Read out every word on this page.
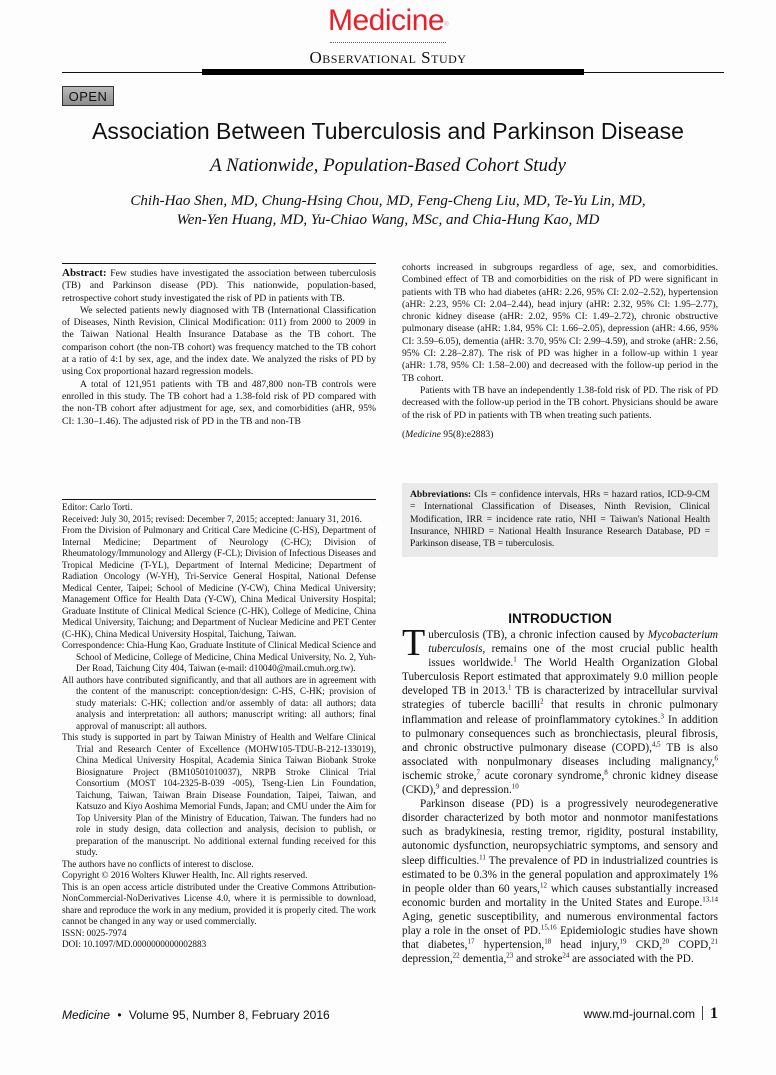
Medicine®
Observational Study
OPEN
Association Between Tuberculosis and Parkinson Disease
A Nationwide, Population-Based Cohort Study
Chih-Hao Shen, MD, Chung-Hsing Chou, MD, Feng-Cheng Liu, MD, Te-Yu Lin, MD,
Wen-Yen Huang, MD, Yu-Chiao Wang, MSc, and Chia-Hung Kao, MD

Abstract: Few studies have investigated the association between tuberculosis (TB) and Parkinson disease (PD). This nationwide, population-based, retrospective cohort study investigated the risk of PD in patients with TB.

We selected patients newly diagnosed with TB (International Classification of Diseases, Ninth Revision, Clinical Modification: 011) from 2000 to 2009 in the Taiwan National Health Insurance Database as the TB cohort. The comparison cohort (the non-TB cohort) was frequency matched to the TB cohort at a ratio of 4:1 by sex, age, and the index date. We analyzed the risks of PD by using Cox proportional hazard regression models.

A total of 121,951 patients with TB and 487,800 non-TB controls were enrolled in this study. The TB cohort had a 1.38-fold risk of PD compared with the non-TB cohort after adjustment for age, sex, and comorbidities (aHR, 95% CI: 1.30–1.46). The adjusted risk of PD in the TB and non-TB

cohorts increased in subgroups regardless of age, sex, and comorbidities. Combined effect of TB and comorbidities on the risk of PD were significant in patients with TB who had diabetes (aHR: 2.26, 95% CI: 2.02–2.52), hypertension (aHR: 2.23, 95% CI: 2.04–2.44), head injury (aHR: 2.32, 95% CI: 1.95–2.77), chronic kidney disease (aHR: 2.02, 95% CI: 1.49–2.72), chronic obstructive pulmonary disease (aHR: 1.84, 95% CI: 1.66–2.05), depression (aHR: 4.66, 95% CI: 3.59–6.05), dementia (aHR: 3.70, 95% CI: 2.99–4.59), and stroke (aHR: 2.56, 95% CI: 2.28–2.87). The risk of PD was higher in a follow-up within 1 year (aHR: 1.78, 95% CI: 1.58–2.00) and decreased with the follow-up period in the TB cohort.

Patients with TB have an independently 1.38-fold risk of PD. The risk of PD decreased with the follow-up period in the TB cohort. Physicians should be aware of the risk of PD in patients with TB when treating such patients.

(Medicine 95(8):e2883)

Abbreviations: CIs = confidence intervals, HRs = hazard ratios, ICD-9-CM = International Classification of Diseases, Ninth Revision, Clinical Modification, IRR = incidence rate ratio, NHI = Taiwan's National Health Insurance, NHIRD = National Health Insurance Research Database, PD = Parkinson disease, TB = tuberculosis.

Editor: Carlo Torti.

Received: July 30, 2015; revised: December 7, 2015; accepted: January 31, 2016.

From the Division of Pulmonary and Critical Care Medicine (C-HS), Department of Internal Medicine; Department of Neurology (C-HC); Division of Rheumatology/Immunology and Allergy (F-CL); Division of Infectious Diseases and Tropical Medicine (T-YL), Department of Internal Medicine; Department of Radiation Oncology (W-YH), Tri-Service General Hospital, National Defense Medical Center, Taipei; School of Medicine (Y-CW), China Medical University; Management Office for Health Data (Y-CW), China Medical University Hospital; Graduate Institute of Clinical Medical Science (C-HK), College of Medicine, China Medical University, Taichung; and Department of Nuclear Medicine and PET Center (C-HK), China Medical University Hospital, Taichung, Taiwan.

Correspondence: Chia-Hung Kao, Graduate Institute of Clinical Medical Science and School of Medicine, College of Medicine, China Medical University, No. 2, Yuh-Der Road, Taichung City 404, Taiwan (e-mail: d10040@mail.cmuh.org.tw).

All authors have contributed significantly, and that all authors are in agreement with the content of the manuscript: conception/design: C-HS, C-HK; provision of study materials: C-HK; collection and/or assembly of data: all authors; data analysis and interpretation: all authors; manuscript writing: all authors; final approval of manuscript: all authors.

This study is supported in part by Taiwan Ministry of Health and Welfare Clinical Trial and Research Center of Excellence (MOHW105-TDU-B-212-133019), China Medical University Hospital, Academia Sinica Taiwan Biobank Stroke Biosignature Project (BM10501010037), NRPB Stroke Clinical Trial Consortium (MOST 104-2325-B-039 -005), Tseng-Lien Lin Foundation, Taichung, Taiwan, Taiwan Brain Disease Foundation, Taipei, Taiwan, and Katsuzo and Kiyo Aoshima Memorial Funds, Japan; and CMU under the Aim for Top University Plan of the Ministry of Education, Taiwan. The funders had no role in study design, data collection and analysis, decision to publish, or preparation of the manuscript. No additional external funding received for this study.

The authors have no conflicts of interest to disclose.

Copyright © 2016 Wolters Kluwer Health, Inc. All rights reserved.

This is an open access article distributed under the Creative Commons Attribution-NonCommercial-NoDerivatives License 4.0, where it is permissible to download, share and reproduce the work in any medium, provided it is properly cited. The work cannot be changed in any way or used commercially.

ISSN: 0025-7974

DOI: 10.1097/MD.0000000000002883

INTRODUCTION

Tuberculosis (TB), a chronic infection caused by Mycobacterium tuberculosis, remains one of the most crucial public health issues worldwide.$^1$ The World Health Organization Global Tuberculosis Report estimated that approximately 9.0 million people developed TB in 2013.$^1$ TB is characterized by intracellular survival strategies of tubercle bacilli$^2$ that results in chronic pulmonary inflammation and release of proinflammatory cytokines.$^3$ In addition to pulmonary consequences such as bronchiectasis, pleural fibrosis, and chronic obstructive pulmonary disease (COPD),$^{4,5}$ TB is also associated with nonpulmonary diseases including malignancy,$^6$ ischemic stroke,$^7$ acute coronary syndrome,$^8$ chronic kidney disease (CKD),$^9$ and depression.$^{10}$

Parkinson disease (PD) is a progressively neurodegenerative disorder characterized by both motor and nonmotor manifestations such as bradykinesia, resting tremor, rigidity, postural instability, autonomic dysfunction, neuropsychiatric symptoms, and sensory and sleep difficulties.$^{11}$ The prevalence of PD in industrialized countries is estimated to be 0.3% in the general population and approximately 1% in people older than 60 years,$^{12}$ which causes substantially increased economic burden and mortality in the United States and Europe.$^{13,14}$ Aging, genetic susceptibility, and numerous environmental factors play a role in the onset of PD.$^{15,16}$ Epidemiologic studies have shown that diabetes,$^{17}$ hypertension,$^{18}$ head injury,$^{19}$ CKD,$^{20}$ COPD,$^{21}$ depression,$^{22}$ dementia,$^{23}$ and stroke$^{24}$ are associated with the PD.

Medicine • Volume 95, Number 8, February 2016	www.md-journal.com 1
